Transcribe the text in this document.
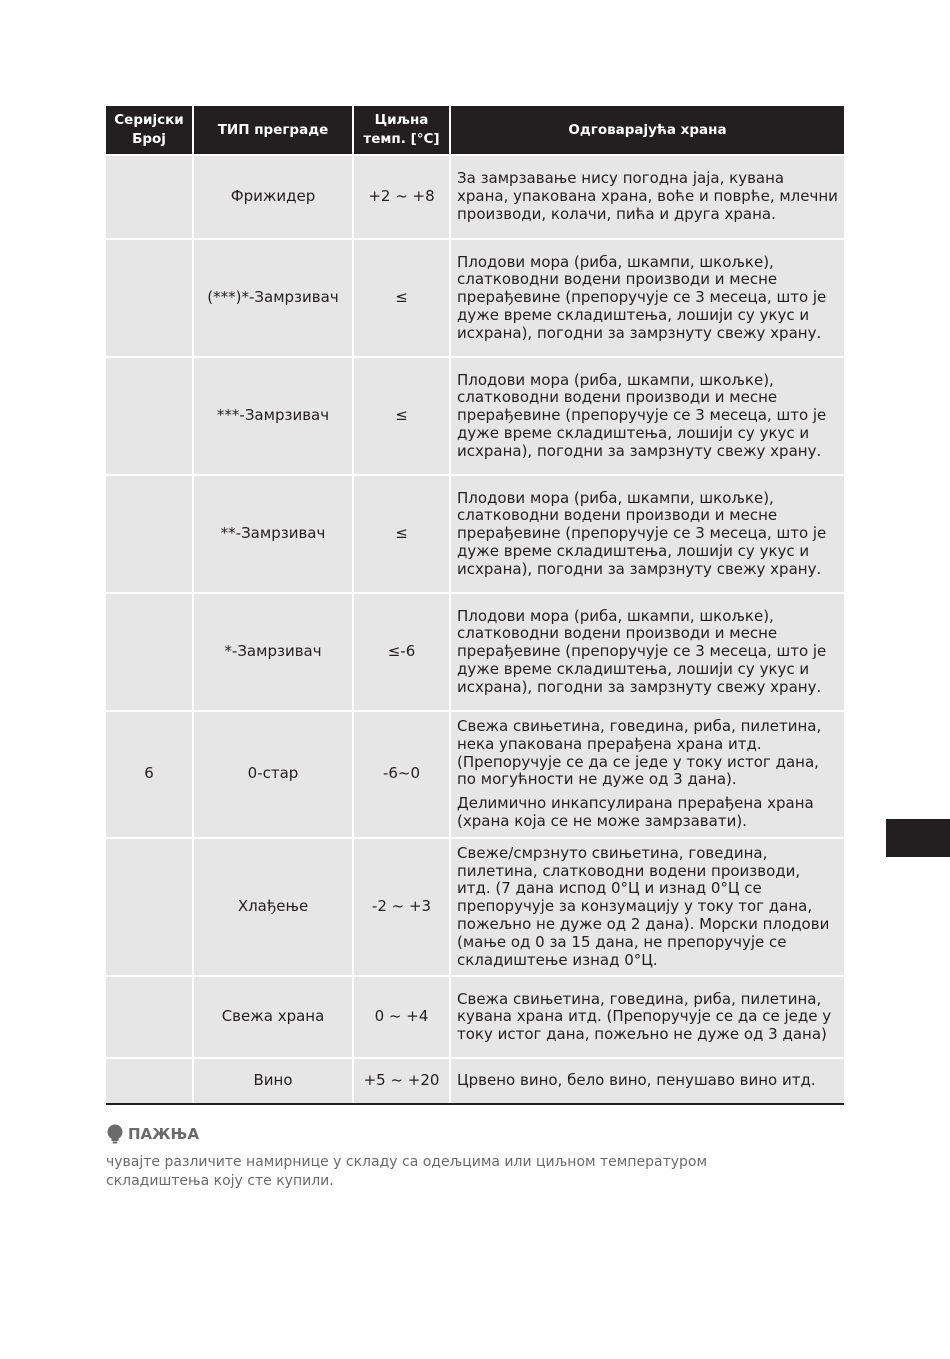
Серијски Број	ТИП преграде	Циљна темп. [°C]	Одговарајућа храна
	Фрижидер	+2 ~ +8	За замрзавање нису погодна јаја, кувана храна, упакована храна, воће и поврће, млечни производи, колачи, пића и друга храна.

	(***)*-Замрзивач	≤	Плодови мора (риба, шкампи, шкољке), слатководни водени производи и месне прерађевине (препоручује се 3 месеца, што је дуже време складиштења, лошији су укус и исхрана), погодни за замрзнуту свежу храну.

	***-Замрзивач	≤	Плодови мора (риба, шкампи, шкољке), слатководни водени производи и месне прерађевине (препоручује се 3 месеца, што је дуже време складиштења, лошији су укус и исхрана), погодни за замрзнуту свежу храну.

	**-Замрзивач	≤	Плодови мора (риба, шкампи, шкољке), слатководни водени производи и месне прерађевине (препоручује се 3 месеца, што је дуже време складиштења, лошији су укус и исхрана), погодни за замрзнуту свежу храну.

	*-Замрзивач	≤-6	Плодови мора (риба, шкампи, шкољке), слатководни водени производи и месне прерађевине (препоручује се 3 месеца, што је дуже време складиштења, лошији су укус и исхрана), погодни за замрзнуту свежу храну.

6	0-стар	-6~0	Свежа свињетина, говедина, риба, пилетина, нека упакована прерађена храна итд. (Препоручује се да се једе у току истог дана, по могућности не дуже од 3 дана).

Делимично инкапсулирана прерађена храна (храна која се не може замрзавати).

	Хлађење	-2 ~ +3	Свеже/смрзнуто свињетина, говедина, пилетина, слатководни водени производи, итд. (7 дана испод 0°Ц и изнад 0°Ц се препоручује за конзумацију у току тог дана, пожељно не дуже од 2 дана). Морски плодови (мање од 0 за 15 дана, не препоручује се складиштење изнад 0°Ц.

	Свежа храна	0 ~ +4	Свежа свињетина, говедина, риба, пилетина, кувана храна итд. (Препоручује се да се једе у току истог дана, пожељно не дуже од 3 дана)

	Вино	+5 ~ +20	Црвено вино, бело вино, пенушаво вино итд.

ПАЖЊА
чувајте различите намирнице у складу са одељцима или циљном температуром складиштења коју сте купили.
